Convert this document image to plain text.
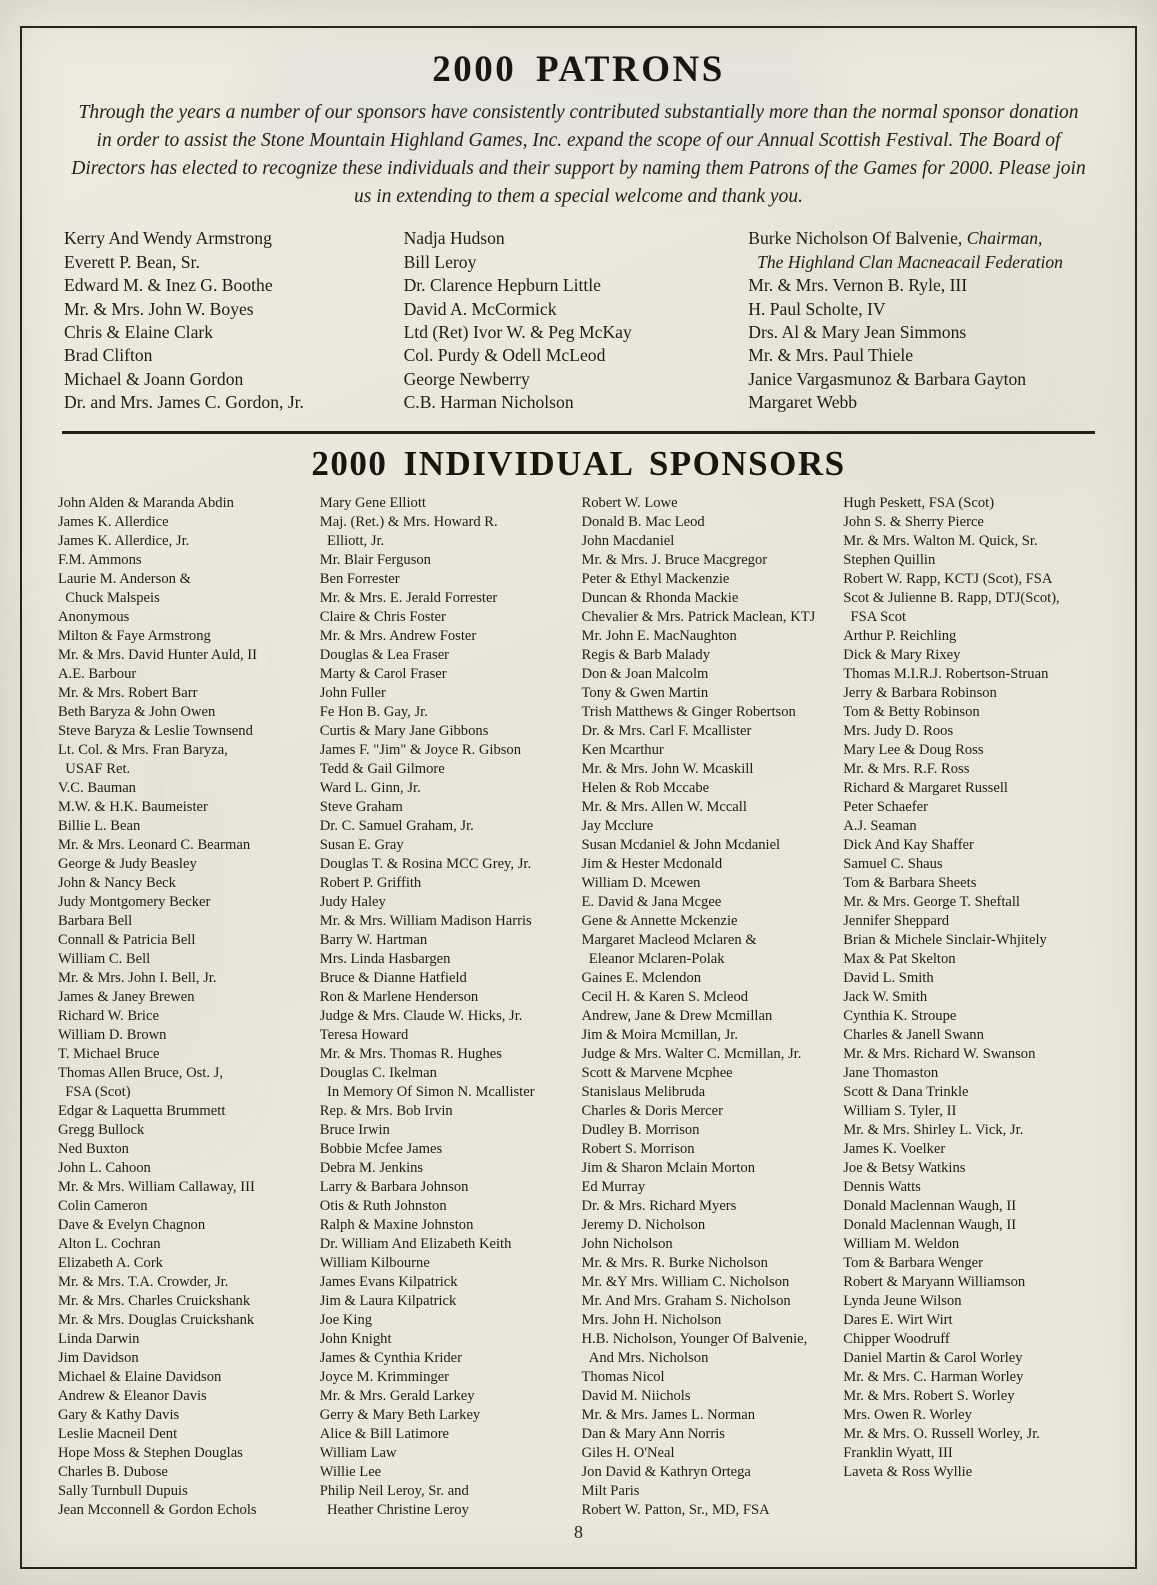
2000 PATRONS

Through the years a number of our sponsors have consistently contributed substantially more than the normal sponsor donation in order to assist the Stone Mountain Highland Games, Inc. expand the scope of our Annual Scottish Festival. The Board of Directors has elected to recognize these individuals and their support by naming them Patrons of the Games for 2000. Please join us in extending to them a special welcome and thank you.

Kerry And Wendy Armstrong
Everett P. Bean, Sr.
Edward M. & Inez G. Boothe
Mr. & Mrs. John W. Boyes
Chris & Elaine Clark
Brad Clifton
Michael & Joann Gordon
Dr. and Mrs. James C. Gordon, Jr.
Nadja Hudson
Bill Leroy
Dr. Clarence Hepburn Little
David A. McCormick
Ltd (Ret) Ivor W. & Peg McKay
Col. Purdy & Odell McLeod
George Newberry
C.B. Harman Nicholson
Burke Nicholson Of Balvenie, Chairman,
The Highland Clan Macneacail Federation
Mr. & Mrs. Vernon B. Ryle, III
H. Paul Scholte, IV
Drs. Al & Mary Jean Simmons
Mr. & Mrs. Paul Thiele
Janice Vargasmunoz & Barbara Gayton
Margaret Webb
2000 INDIVIDUAL SPONSORS
John Alden & Maranda Abdin
James K. Allerdice
James K. Allerdice, Jr.
F.M. Ammons
Laurie M. Anderson &
Chuck Malspeis
Anonymous
Milton & Faye Armstrong
Mr. & Mrs. David Hunter Auld, II
A.E. Barbour
Mr. & Mrs. Robert Barr
Beth Baryza & John Owen
Steve Baryza & Leslie Townsend
Lt. Col. & Mrs. Fran Baryza,
USAF Ret.
V.C. Bauman
M.W. & H.K. Baumeister
Billie L. Bean
Mr. & Mrs. Leonard C. Bearman
George & Judy Beasley
John & Nancy Beck
Judy Montgomery Becker
Barbara Bell
Connall & Patricia Bell
William C. Bell
Mr. & Mrs. John I. Bell, Jr.
James & Janey Brewen
Richard W. Brice
William D. Brown
T. Michael Bruce
Thomas Allen Bruce, Ost. J,
FSA (Scot)
Edgar & Laquetta Brummett
Gregg Bullock
Ned Buxton
John L. Cahoon
Mr. & Mrs. William Callaway, III
Colin Cameron
Dave & Evelyn Chagnon
Alton L. Cochran
Elizabeth A. Cork
Mr. & Mrs. T.A. Crowder, Jr.
Mr. & Mrs. Charles Cruickshank
Mr. & Mrs. Douglas Cruickshank
Linda Darwin
Jim Davidson
Michael & Elaine Davidson
Andrew & Eleanor Davis
Gary & Kathy Davis
Leslie Macneil Dent
Hope Moss & Stephen Douglas
Charles B. Dubose
Sally Turnbull Dupuis
Jean Mcconnell & Gordon Echols
Mary Gene Elliott
Maj. (Ret.) & Mrs. Howard R.
Elliott, Jr.
Mr. Blair Ferguson
Ben Forrester
Mr. & Mrs. E. Jerald Forrester
Claire & Chris Foster
Mr. & Mrs. Andrew Foster
Douglas & Lea Fraser
Marty & Carol Fraser
John Fuller
Fe Hon B. Gay, Jr.
Curtis & Mary Jane Gibbons
James F. "Jim" & Joyce R. Gibson
Tedd & Gail Gilmore
Ward L. Ginn, Jr.
Steve Graham
Dr. C. Samuel Graham, Jr.
Susan E. Gray
Douglas T. & Rosina MCC Grey, Jr.
Robert P. Griffith
Judy Haley
Mr. & Mrs. William Madison Harris
Barry W. Hartman
Mrs. Linda Hasbargen
Bruce & Dianne Hatfield
Ron & Marlene Henderson
Judge & Mrs. Claude W. Hicks, Jr.
Teresa Howard
Mr. & Mrs. Thomas R. Hughes
Douglas C. Ikelman
In Memory Of Simon N. Mcallister
Rep. & Mrs. Bob Irvin
Bruce Irwin
Bobbie Mcfee James
Debra M. Jenkins
Larry & Barbara Johnson
Otis & Ruth Johnston
Ralph & Maxine Johnston
Dr. William And Elizabeth Keith
William Kilbourne
James Evans Kilpatrick
Jim & Laura Kilpatrick
Joe King
John Knight
James & Cynthia Krider
Joyce M. Krimminger
Mr. & Mrs. Gerald Larkey
Gerry & Mary Beth Larkey
Alice & Bill Latimore
William Law
Willie Lee
Philip Neil Leroy, Sr. and
Heather Christine Leroy
Robert W. Lowe
Donald B. Mac Leod
John Macdaniel
Mr. & Mrs. J. Bruce Macgregor
Peter & Ethyl Mackenzie
Duncan & Rhonda Mackie
Chevalier & Mrs. Patrick Maclean, KTJ
Mr. John E. MacNaughton
Regis & Barb Malady
Don & Joan Malcolm
Tony & Gwen Martin
Trish Matthews & Ginger Robertson
Dr. & Mrs. Carl F. Mcallister
Ken Mcarthur
Mr. & Mrs. John W. Mcaskill
Helen & Rob Mccabe
Mr. & Mrs. Allen W. Mccall
Jay Mcclure
Susan Mcdaniel & John Mcdaniel
Jim & Hester Mcdonald
William D. Mcewen
E. David & Jana Mcgee
Gene & Annette Mckenzie
Margaret Macleod Mclaren &
Eleanor Mclaren-Polak
Gaines E. Mclendon
Cecil H. & Karen S. Mcleod
Andrew, Jane & Drew Mcmillan
Jim & Moira Mcmillan, Jr.
Judge & Mrs. Walter C. Mcmillan, Jr.
Scott & Marvene Mcphee
Stanislaus Melibruda
Charles & Doris Mercer
Dudley B. Morrison
Robert S. Morrison
Jim & Sharon Mclain Morton
Ed Murray
Dr. & Mrs. Richard Myers
Jeremy D. Nicholson
John Nicholson
Mr. & Mrs. R. Burke Nicholson
Mr. &Y Mrs. William C. Nicholson
Mr. And Mrs. Graham S. Nicholson
Mrs. John H. Nicholson
H.B. Nicholson, Younger Of Balvenie,
And Mrs. Nicholson
Thomas Nicol
David M. Niichols
Mr. & Mrs. James L. Norman
Dan & Mary Ann Norris
Giles H. O'Neal
Jon David & Kathryn Ortega
Milt Paris
Robert W. Patton, Sr., MD, FSA
Hugh Peskett, FSA (Scot)
John S. & Sherry Pierce
Mr. & Mrs. Walton M. Quick, Sr.
Stephen Quillin
Robert W. Rapp, KCTJ (Scot), FSA
Scot & Julienne B. Rapp, DTJ(Scot),
FSA Scot
Arthur P. Reichling
Dick & Mary Rixey
Thomas M.I.R.J. Robertson-Struan
Jerry & Barbara Robinson
Tom & Betty Robinson
Mrs. Judy D. Roos
Mary Lee & Doug Ross
Mr. & Mrs. R.F. Ross
Richard & Margaret Russell
Peter Schaefer
A.J. Seaman
Dick And Kay Shaffer
Samuel C. Shaus
Tom & Barbara Sheets
Mr. & Mrs. George T. Sheftall
Jennifer Sheppard
Brian & Michele Sinclair-Whjitely
Max & Pat Skelton
David L. Smith
Jack W. Smith
Cynthia K. Stroupe
Charles & Janell Swann
Mr. & Mrs. Richard W. Swanson
Jane Thomaston
Scott & Dana Trinkle
William S. Tyler, II
Mr. & Mrs. Shirley L. Vick, Jr.
James K. Voelker
Joe & Betsy Watkins
Dennis Watts
Donald Maclennan Waugh, II
Donald Maclennan Waugh, II
William M. Weldon
Tom & Barbara Wenger
Robert & Maryann Williamson
Lynda Jeune Wilson
Dares E. Wirt Wirt
Chipper Woodruff
Daniel Martin & Carol Worley
Mr. & Mrs. C. Harman Worley
Mr. & Mrs. Robert S. Worley
Mrs. Owen R. Worley
Mr. & Mrs. O. Russell Worley, Jr.
Franklin Wyatt, III
Laveta & Ross Wyllie
8
